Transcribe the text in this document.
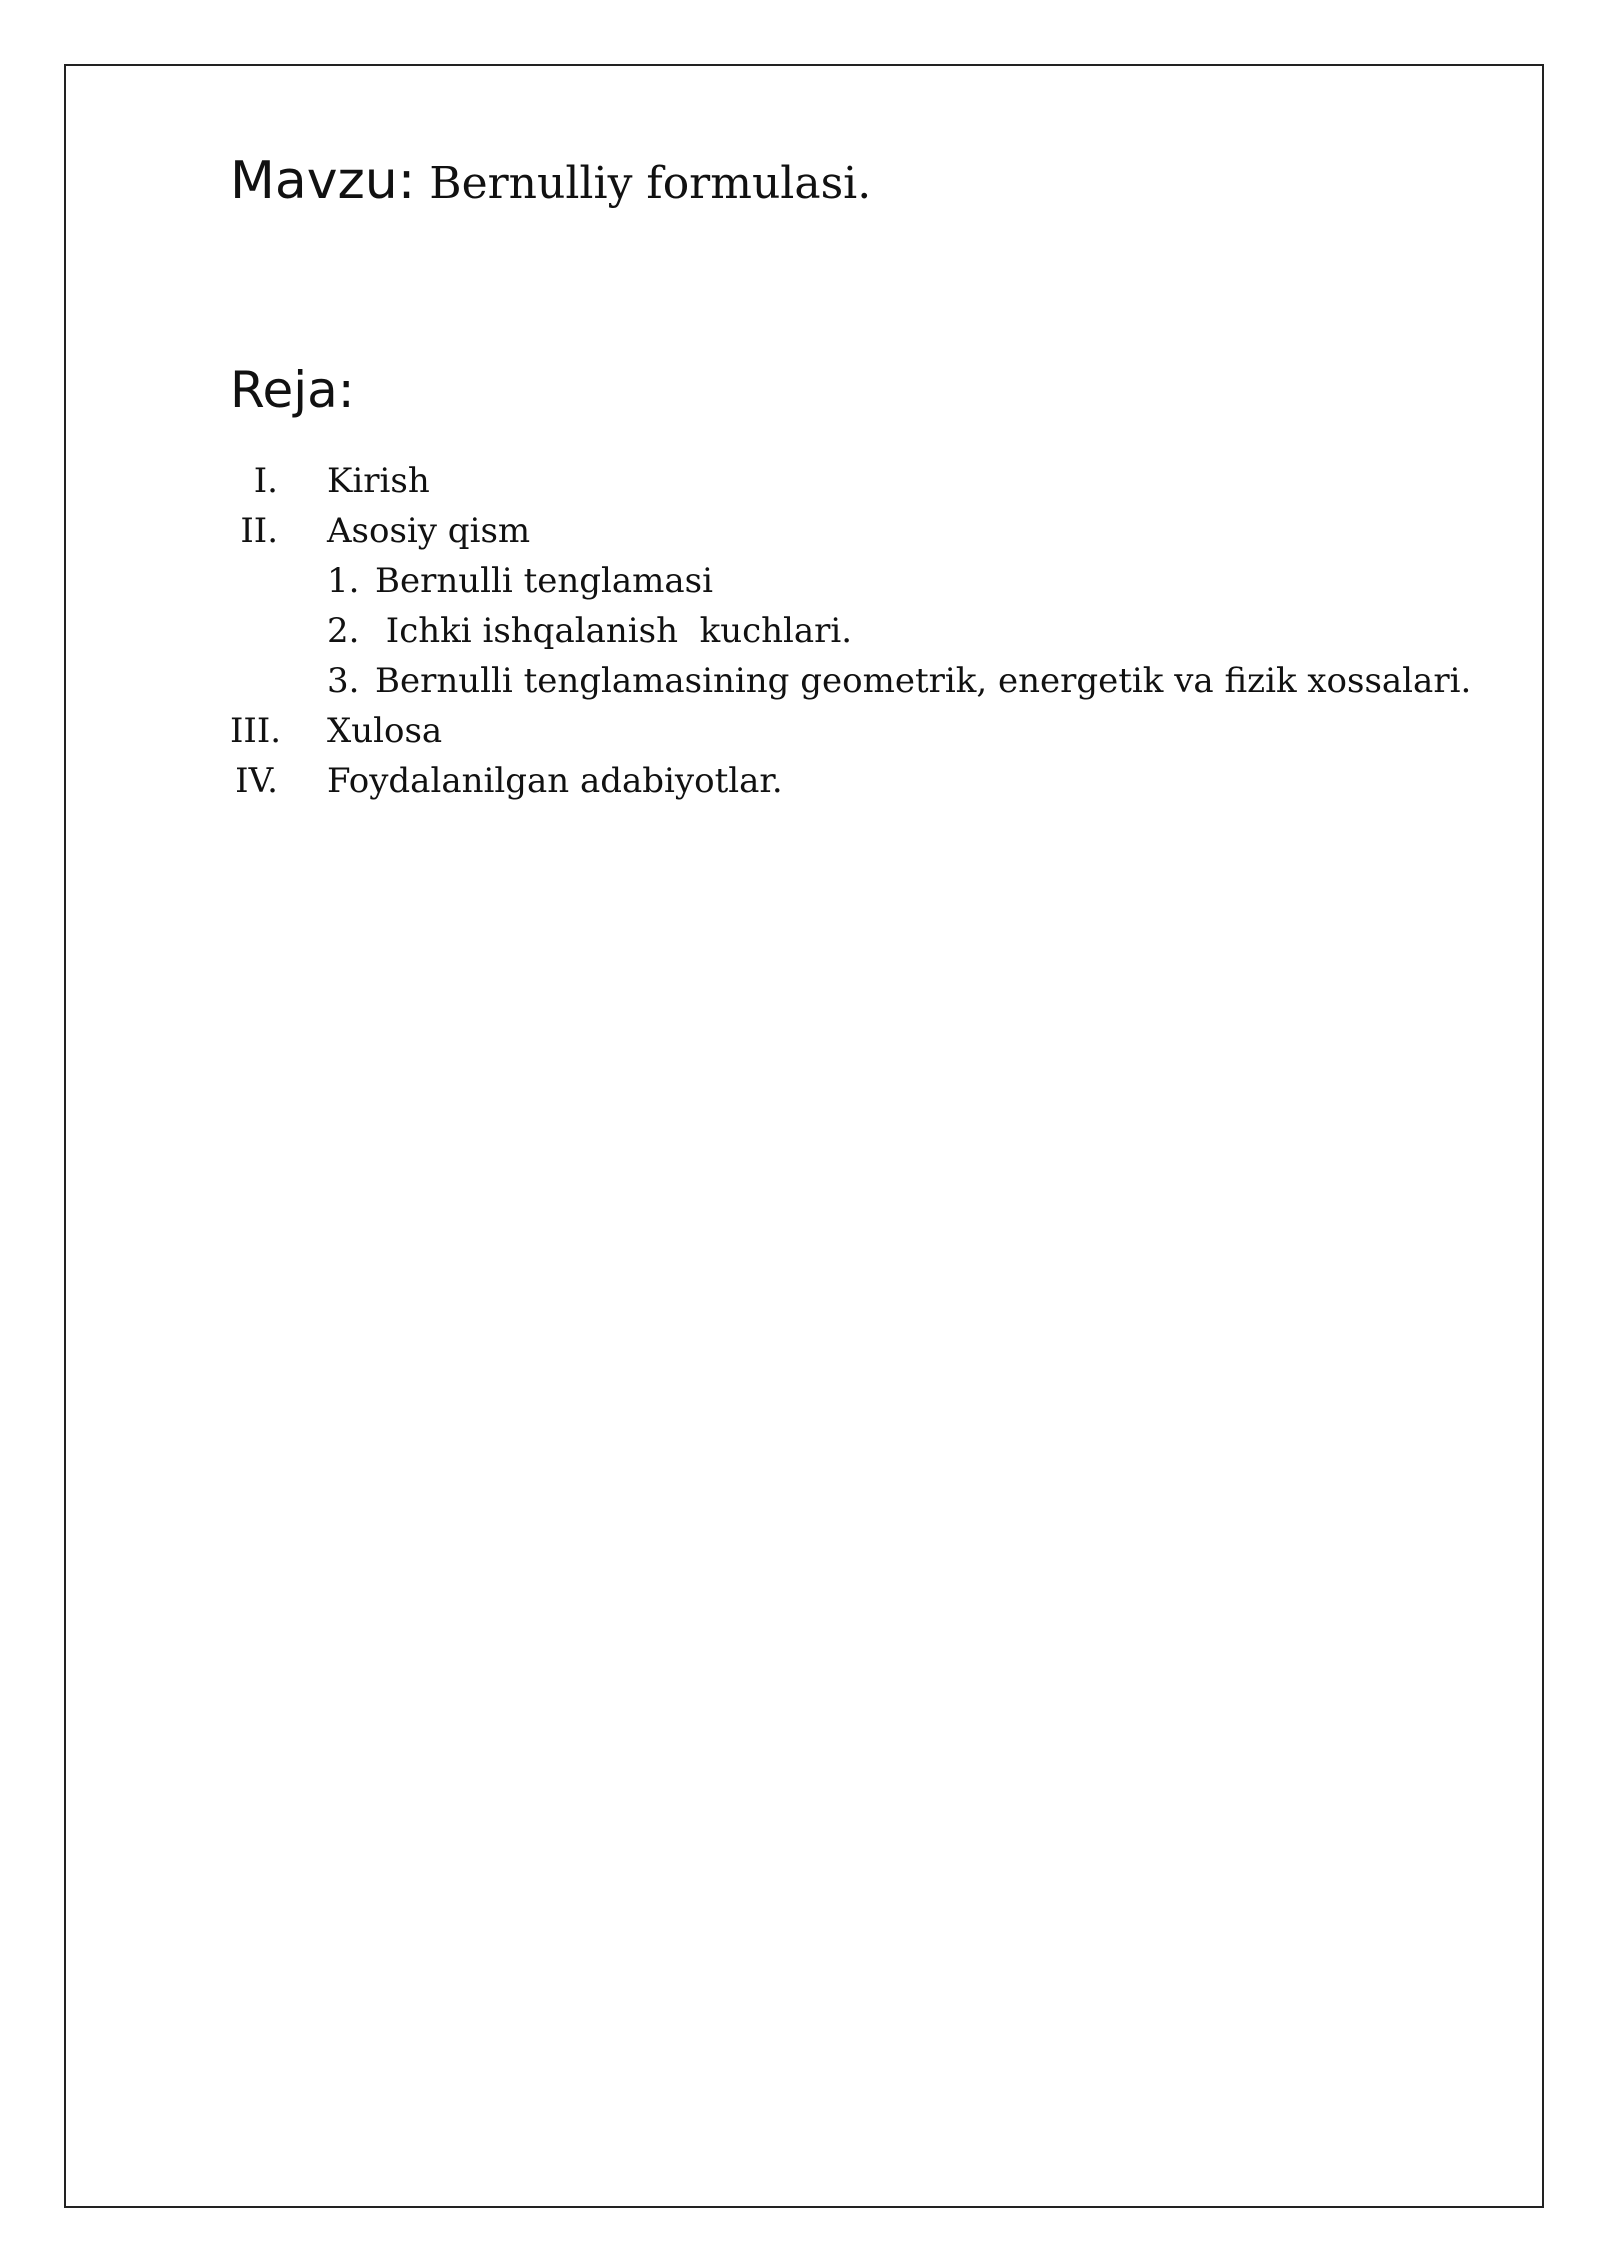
Mavzu: Bernulliy formulasi.
Reja:
I. Kirish
II. Asosiy qism
1. Bernulli tenglamasi
2. Ichki ishqalanish  kuchlari.
3. Bernulli tenglamasining geometrik, energetik va fizik xossalari.
III. Xulosa
IV. Foydalanilgan adabiyotlar.
